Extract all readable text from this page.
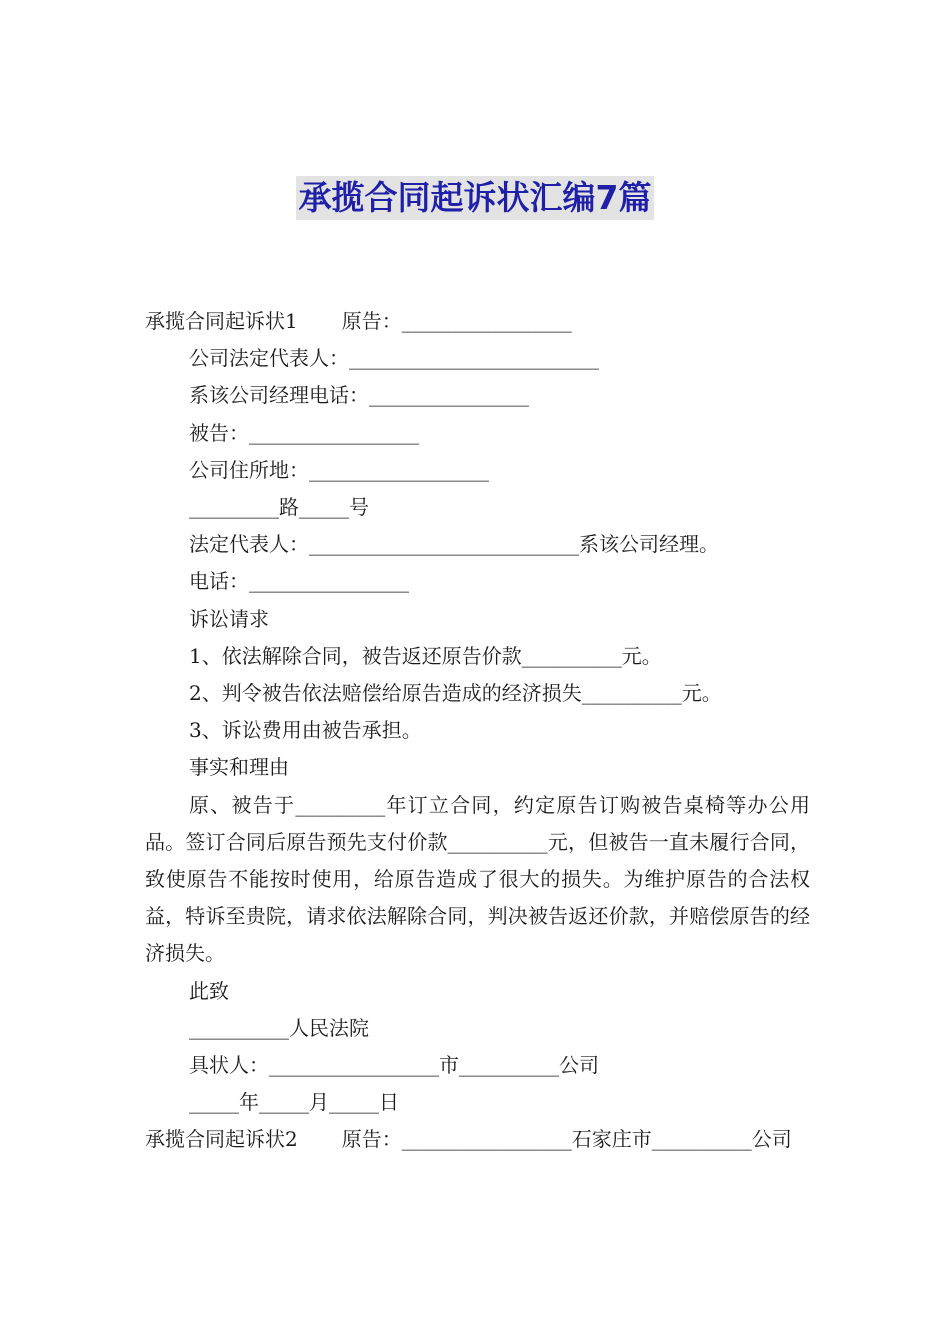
承揽合同起诉状汇编7篇

承揽合同起诉状1 原告：_________________

公司法定代表人：_________________________

系该公司经理电话：________________

被告：_________________

公司住所地：__________________

_________路_____号

法定代表人：___________________________系该公司经理。

电话：________________

诉讼请求

1、依法解除合同，被告返还原告价款__________元。

2、判令被告依法赔偿给原告造成的经济损失__________元。

3、诉讼费用由被告承担。

事实和理由

原、被告于_________年订立合同，约定原告订购被告桌椅等办公用品。签订合同后原告预先支付价款__________元，但被告一直未履行合同，致使原告不能按时使用，给原告造成了很大的损失。为维护原告的合法权益，特诉至贵院，请求依法解除合同，判决被告返还价款，并赔偿原告的经济损失。

此致

__________人民法院

具状人：_________________市__________公司

_____年_____月_____日

承揽合同起诉状2 原告：_________________石家庄市__________公司
